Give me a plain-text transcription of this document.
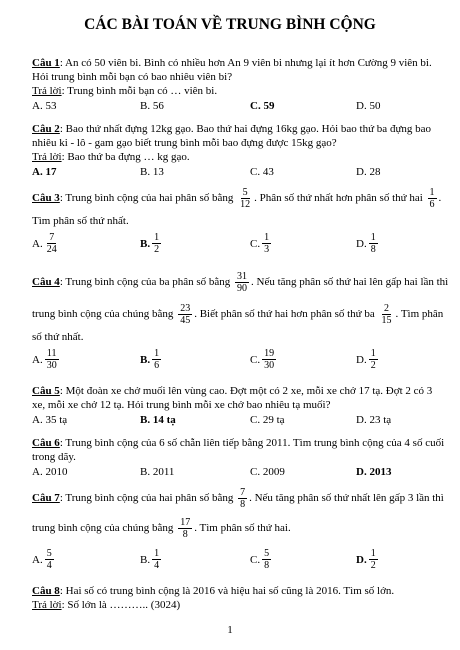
CÁC BÀI TOÁN VỀ TRUNG BÌNH CỘNG
Câu 1: An có 50 viên bi. Bình có nhiều hơn An 9 viên bi nhưng lại ít hơn Cường 9 viên bi.
Hỏi trung bình mỗi bạn có bao nhiêu viên bi?
Trả lời: Trung bình mỗi bạn có … viên bi.
A. 53	B. 56	C. 59	D. 50
Câu 2: Bao thứ nhất đựng 12kg gạo. Bao thứ hai đựng 16kg gạo. Hỏi bao thứ ba đựng bao
nhiêu ki - lô - gam gạo biết trung bình mỗi bao đựng được 15kg gạo?
Trả lời: Bao thứ ba đựng … kg gạo.
A. 17	B. 13	C. 43	D. 28
Câu 3: Trung bình cộng của hai phân số bằng $\frac{5}{12}$ . Phân số thứ nhất hơn phân số thứ hai $\frac{1}{6}$ .
Tìm phân số thứ nhất.
A. $\frac{7}{24}$	B. $\frac{1}{2}$	C. $\frac{1}{3}$	D. $\frac{1}{8}$
Câu 4: Trung bình cộng của ba phân số bằng $\frac{31}{90}$ . Nếu tăng phân số thứ hai lên gấp hai lần thì
trung bình cộng của chúng bằng $\frac{23}{45}$ . Biết phân số thứ hai hơn phân số thứ ba $\frac{2}{15}$ . Tìm phân
số thứ nhất.
A. $\frac{11}{30}$	B. $\frac{1}{6}$	C. $\frac{19}{30}$	D. $\frac{1}{2}$
Câu 5: Một đoàn xe chở muối lên vùng cao. Đợt một có 2 xe, mỗi xe chở 17 tạ. Đợt 2 có 3
xe, mỗi xe chở 12 tạ. Hỏi trung bình mỗi xe chở bao nhiêu tạ muối?
A. 35 tạ	B. 14 tạ	C. 29 tạ	D. 23 tạ
Câu 6: Trung bình cộng của 6 số chẵn liên tiếp bằng 2011. Tìm trung bình cộng của 4 số cuối
trong dãy.
A. 2010	B. 2011	C. 2009	D. 2013
Câu 7: Trung bình cộng của hai phân số bằng $\frac{7}{8}$ . Nếu tăng phân số thứ nhất lên gấp 3 lần thì
trung bình cộng của chúng bằng $\frac{17}{8}$ . Tìm phân số thứ hai.
A. $\frac{5}{4}$	B. $\frac{1}{4}$	C. $\frac{5}{8}$	D. $\frac{1}{2}$
Câu 8: Hai số có trung bình cộng là 2016 và hiệu hai số cũng là 2016. Tìm số lớn.
Trả lời: Số lớn là ……….. (3024)
1
